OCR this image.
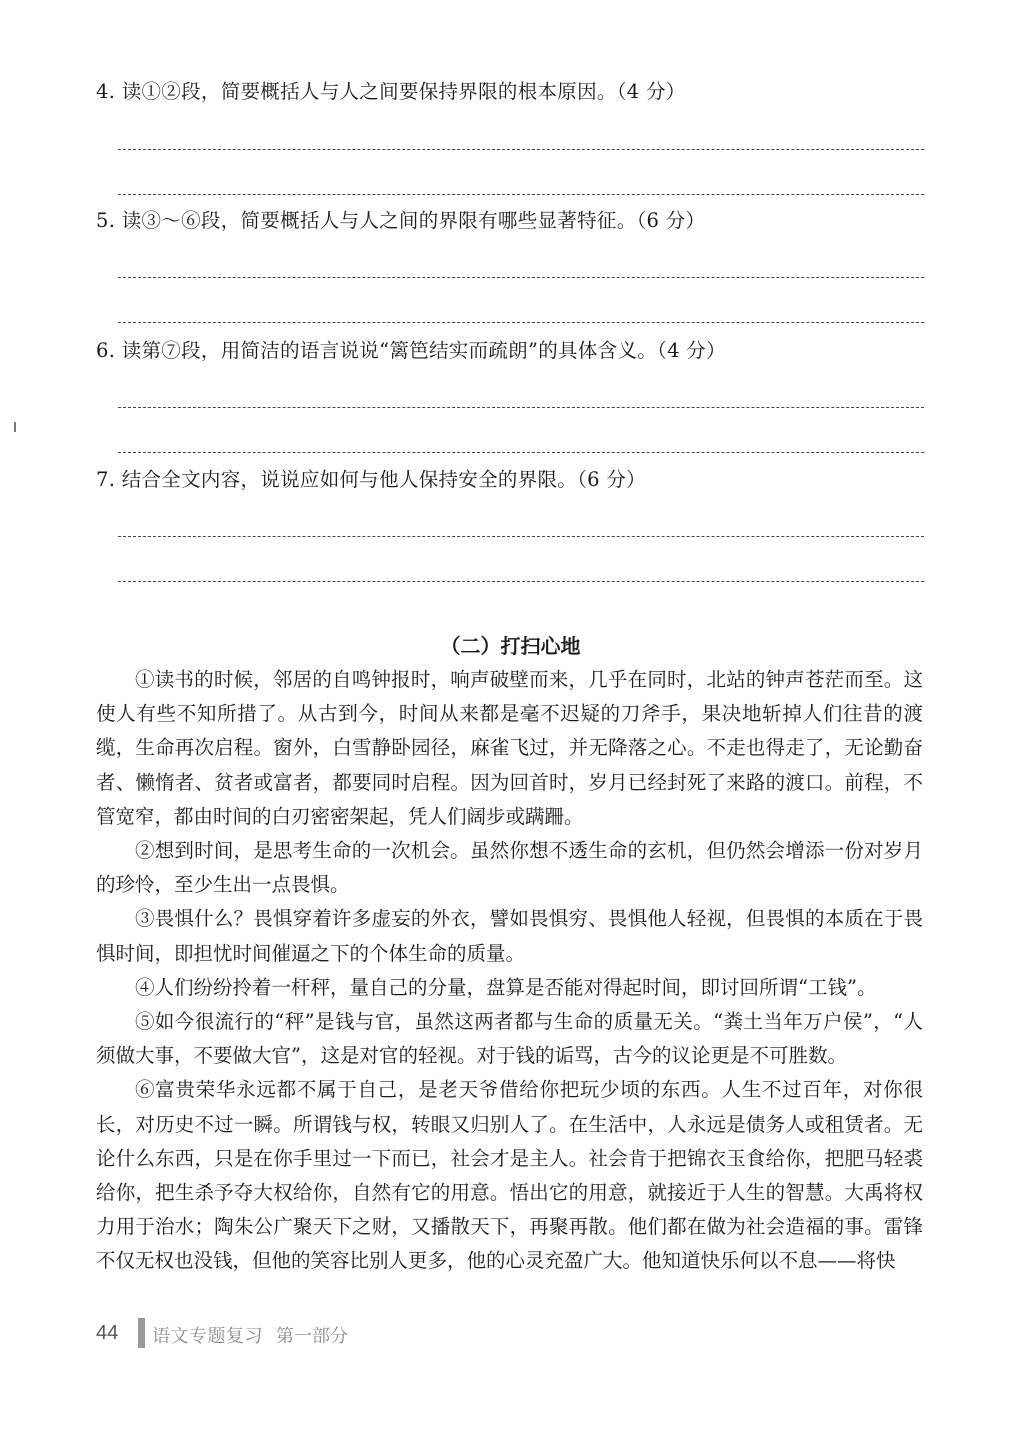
4. 读①②段，简要概括人与人之间要保持界限的根本原因。（4 分）
5. 读③～⑥段，简要概括人与人之间的界限有哪些显著特征。（6 分）
6. 读第⑦段，用简洁的语言说说“篱笆结实而疏朗”的具体含义。（4 分）
7. 结合全文内容，说说应如何与他人保持安全的界限。（6 分）
（二）打扫心地

①读书的时候，邻居的自鸣钟报时，响声破壁而来，几乎在同时，北站的钟声苍茫而至。这使人有些不知所措了。从古到今，时间从来都是毫不迟疑的刀斧手，果决地斩掉人们往昔的渡缆，生命再次启程。窗外，白雪静卧园径，麻雀飞过，并无降落之心。不走也得走了，无论勤奋者、懒惰者、贫者或富者，都要同时启程。因为回首时，岁月已经封死了来路的渡口。前程，不管宽窄，都由时间的白刃密密架起，凭人们阔步或蹒跚。

②想到时间，是思考生命的一次机会。虽然你想不透生命的玄机，但仍然会增添一份对岁月的珍怜，至少生出一点畏惧。

③畏惧什么？畏惧穿着许多虚妄的外衣，譬如畏惧穷、畏惧他人轻视，但畏惧的本质在于畏惧时间，即担忧时间催逼之下的个体生命的质量。

④人们纷纷拎着一杆秤，量自己的分量，盘算是否能对得起时间，即讨回所谓“工钱”。

⑤如今很流行的“秤”是钱与官，虽然这两者都与生命的质量无关。“粪土当年万户侯”，“人须做大事，不要做大官”，这是对官的轻视。对于钱的诟骂，古今的议论更是不可胜数。

⑥富贵荣华永远都不属于自己，是老天爷借给你把玩少顷的东西。人生不过百年，对你很长，对历史不过一瞬。所谓钱与权，转眼又归别人了。在生活中，人永远是债务人或租赁者。无论什么东西，只是在你手里过一下而已，社会才是主人。社会肯于把锦衣玉食给你，把肥马轻裘给你，把生杀予夺大权给你，自然有它的用意。悟出它的用意，就接近于人生的智慧。大禹将权力用于治水；陶朱公广聚天下之财，又播散天下，再聚再散。他们都在做为社会造福的事。雷锋不仅无权也没钱，但他的笑容比别人更多，他的心灵充盈广大。他知道快乐何以不息——将快

44 语文专题复习 第一部分
